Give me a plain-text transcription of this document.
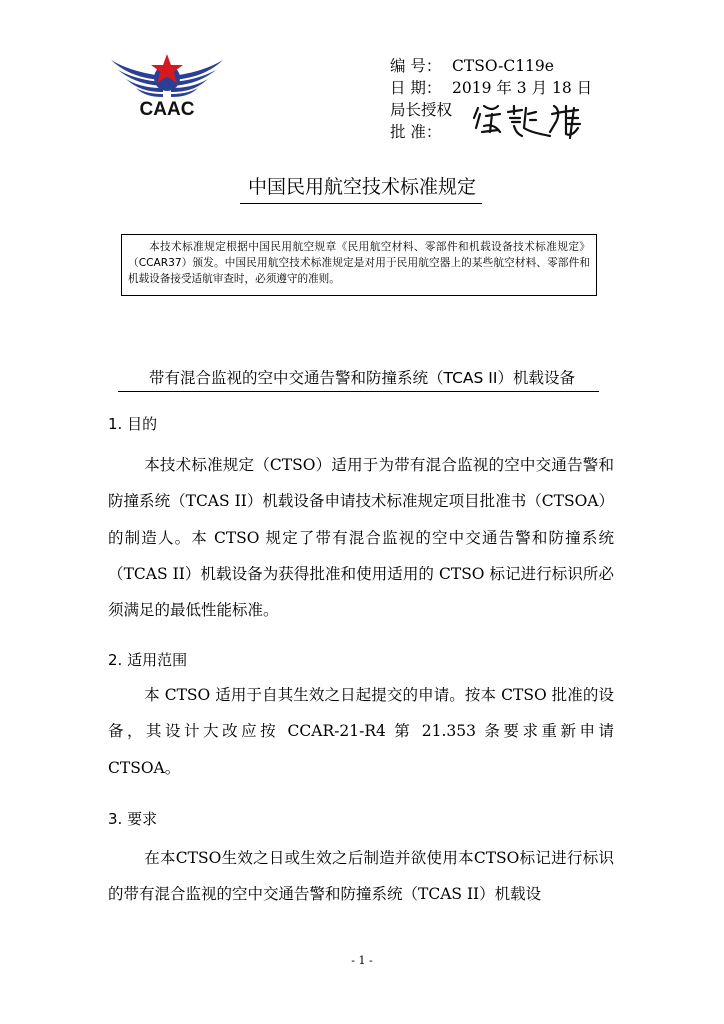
CAAC
编 号： CTSO-C119e
日 期： 2019 年 3 月 18 日
局长授权
批 准：
中国民用航空技术标准规定

本技术标准规定根据中国民用航空规章《民用航空材料、零部件和机载设备技术标准规定》（CCAR37）颁发。中国民用航空技术标准规定是对用于民用航空器上的某些航空材料、零部件和机载设备接受适航审查时，必须遵守的准则。

带有混合监视的空中交通告警和防撞系统（TCAS II）机载设备
1. 目的

本技术标准规定（CTSO）适用于为带有混合监视的空中交通告警和防撞系统（TCAS II）机载设备申请技术标准规定项目批准书（CTSOA）的制造人。本 CTSO 规定了带有混合监视的空中交通告警和防撞系统（TCAS II）机载设备为获得批准和使用适用的 CTSO 标记进行标识所必须满足的最低性能标准。

2. 适用范围

本 CTSO 适用于自其生效之日起提交的申请。按本 CTSO 批准的设备，其设计大改应按 CCAR-21-R4 第 21.353 条要求重新申请 CTSOA。

3. 要求

在本CTSO生效之日或生效之后制造并欲使用本CTSO标记进行标识的带有混合监视的空中交通告警和防撞系统（TCAS II）机载设

- 1 -
